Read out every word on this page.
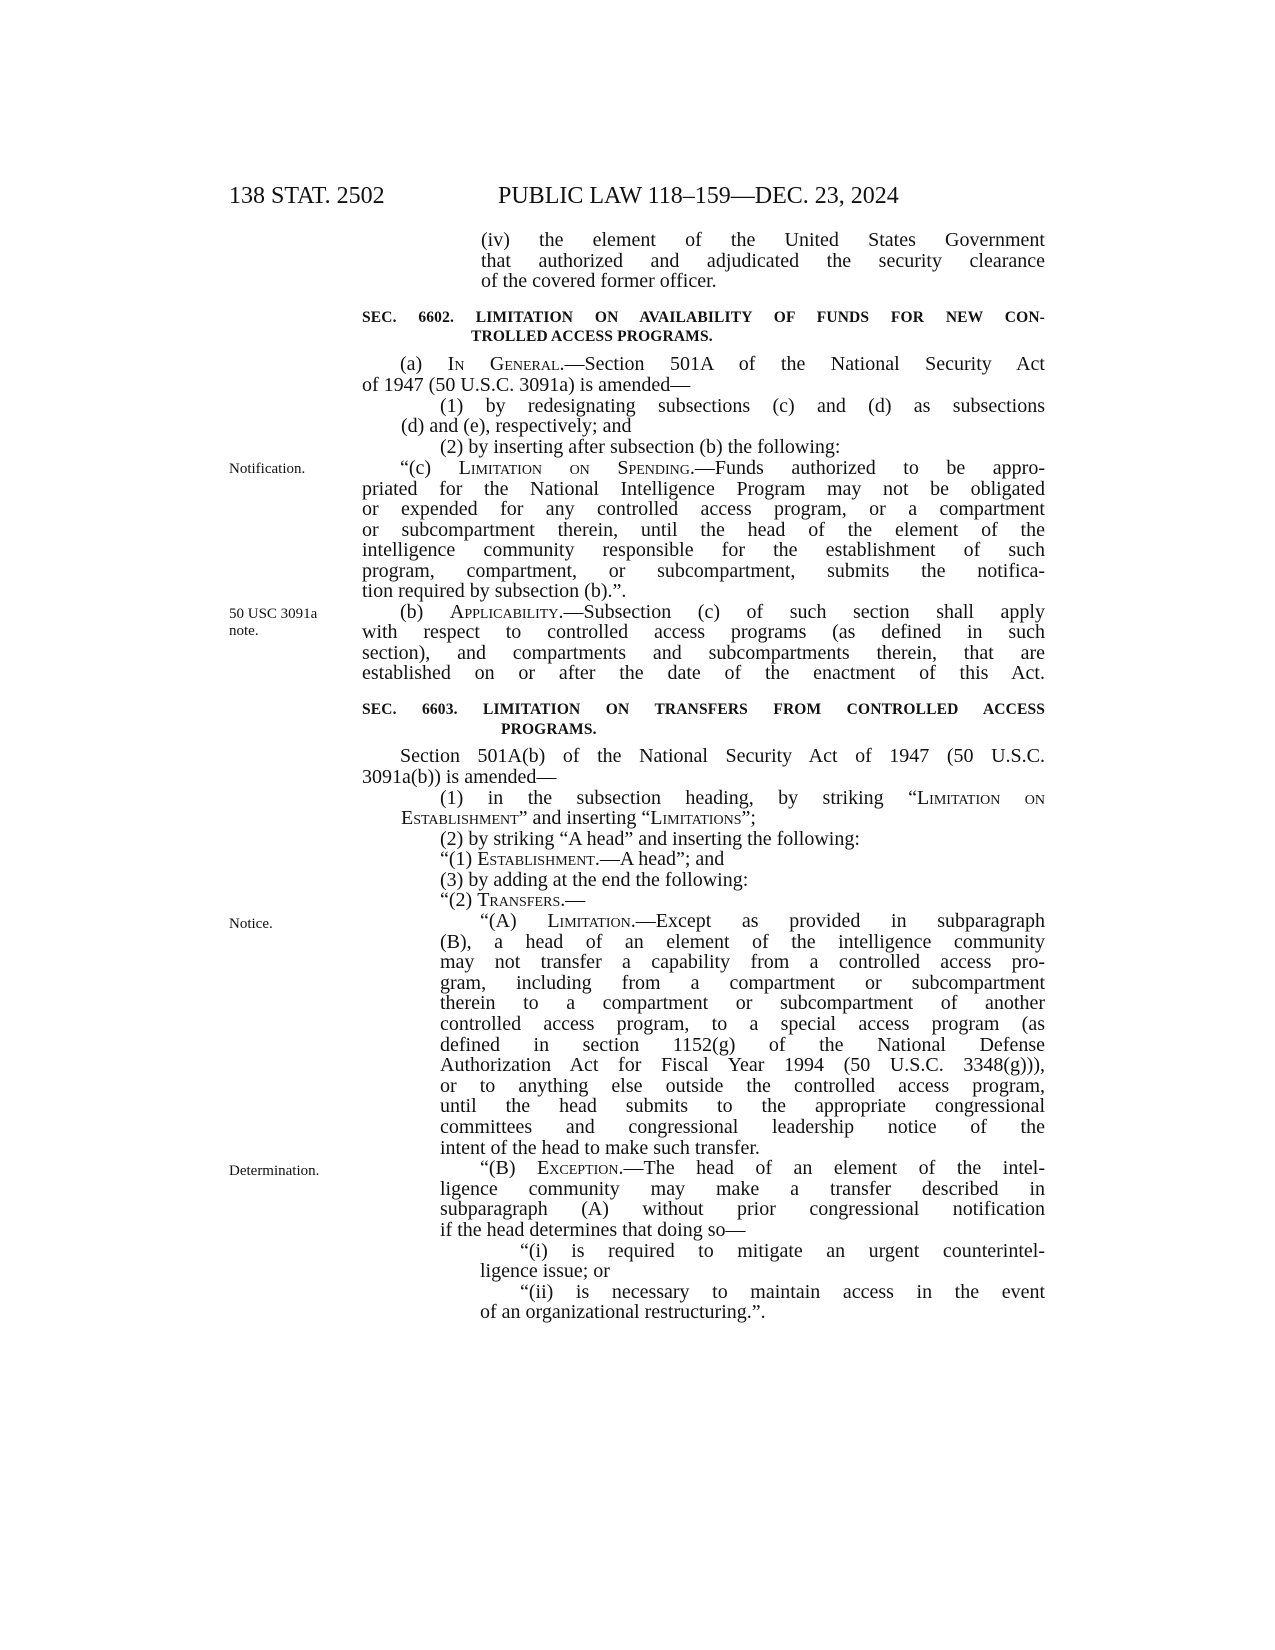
138 STAT. 2502	PUBLIC LAW 118–159—DEC. 23, 2024
Notification.
50 USC 3091a
note.
Notice.
Determination.
(iv) the element of the United States Government
that authorized and adjudicated the security clearance
of the covered former officer.
SEC. 6602. LIMITATION ON AVAILABILITY OF FUNDS FOR NEW CON-
TROLLED ACCESS PROGRAMS.
(a) In General.—Section 501A of the National Security Act
of 1947 (50 U.S.C. 3091a) is amended—
(1) by redesignating subsections (c) and (d) as subsections
(d) and (e), respectively; and
(2) by inserting after subsection (b) the following:
“(c) Limitation on Spending.—Funds authorized to be appro-
priated for the National Intelligence Program may not be obligated
or expended for any controlled access program, or a compartment
or subcompartment therein, until the head of the element of the
intelligence community responsible for the establishment of such
program, compartment, or subcompartment, submits the notifica-
tion required by subsection (b).”.
(b) Applicability.—Subsection (c) of such section shall apply
with respect to controlled access programs (as defined in such
section), and compartments and subcompartments therein, that are
established on or after the date of the enactment of this Act.
SEC. 6603. LIMITATION ON TRANSFERS FROM CONTROLLED ACCESS
PROGRAMS.
Section 501A(b) of the National Security Act of 1947 (50 U.S.C.
3091a(b)) is amended—
(1) in the subsection heading, by striking “Limitation on
Establishment” and inserting “Limitations”;
(2) by striking “A head” and inserting the following:
“(1) Establishment.—A head”; and
(3) by adding at the end the following:
“(2) Transfers.—
“(A) Limitation.—Except as provided in subparagraph
(B), a head of an element of the intelligence community
may not transfer a capability from a controlled access pro-
gram, including from a compartment or subcompartment
therein to a compartment or subcompartment of another
controlled access program, to a special access program (as
defined in section 1152(g) of the National Defense
Authorization Act for Fiscal Year 1994 (50 U.S.C. 3348(g))),
or to anything else outside the controlled access program,
until the head submits to the appropriate congressional
committees and congressional leadership notice of the
intent of the head to make such transfer.
“(B) Exception.—The head of an element of the intel-
ligence community may make a transfer described in
subparagraph (A) without prior congressional notification
if the head determines that doing so—
“(i) is required to mitigate an urgent counterintel-
ligence issue; or
“(ii) is necessary to maintain access in the event
of an organizational restructuring.”.
